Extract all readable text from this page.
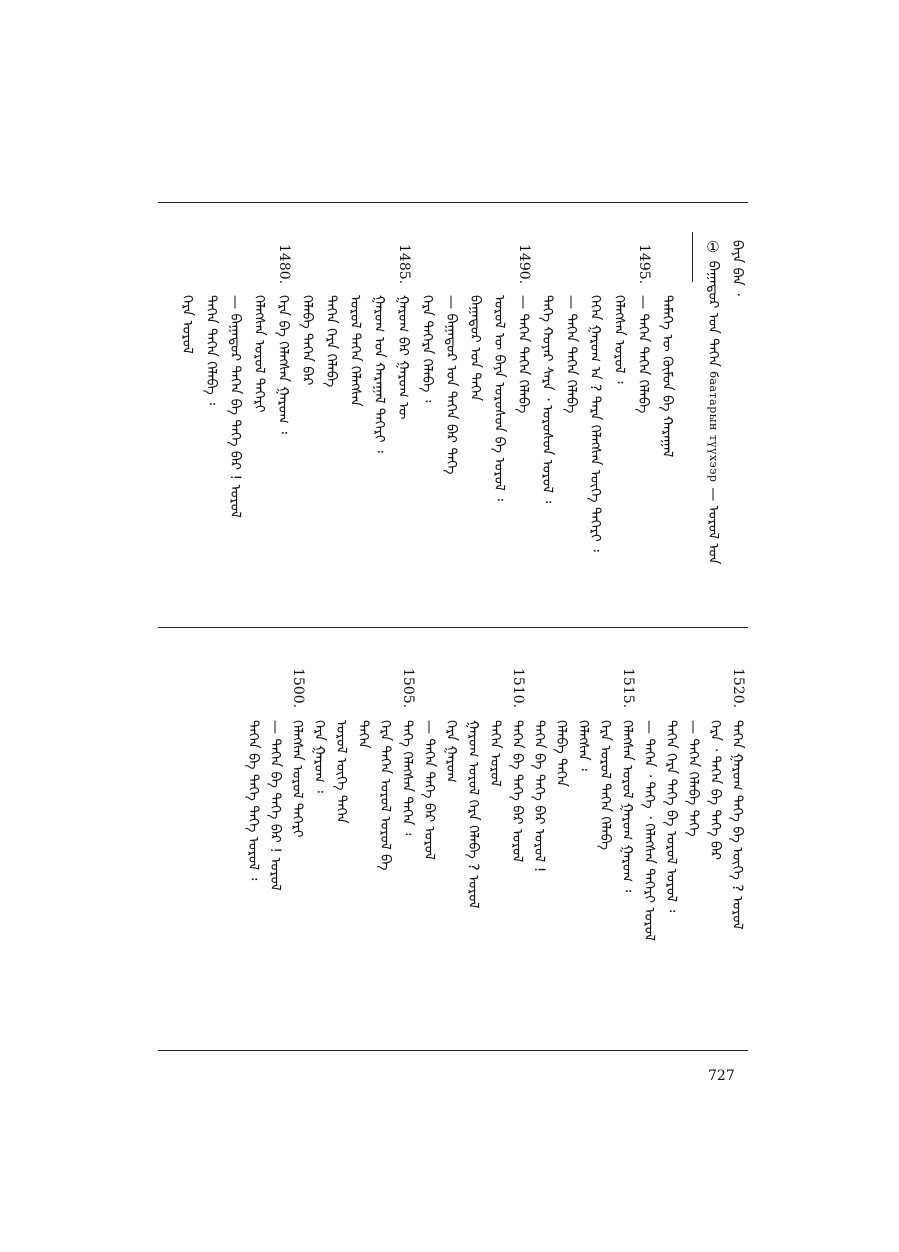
ᠪᠡᠶᠡ ᠪᠡᠨ ᠂
① ᠪᠠᠭᠠᠲᠤᠷ ᠤᠨ ᠲᠡᠭᠡᠨ баатарын түүхээр — ᠤᠷᠤᠯ ᠤᠨ
ᠲᠡᠮᠡᠭᠡ ᠦ ᠬᠦᠮᠦᠨ ᠪᠡ ᠬᠠᠷᠠᠭᠠᠯ
— ᠲᠡᠭᠡᠨ ᠲᠡᠭᠡᠨ ᠬᠡᠯᠡᠪᠡ
ᠬᠡᠯᠡᠭᠰᠡᠨ ᠤᠷᠤᠯ ᠄
ᠭᠡᠭᠡᠨ ᠭᠠᠷᠤᠭ ᠎ᠠ ? ᠲᠡᠷᠡ ᠬᠡᠯᠡᠭᠰᠡᠨ ᠦᠭᠡ ᠲᠡᠭᠡᠷᠢ ᠄
— ᠲᠡᠭᠡᠨ ᠲᠡᠭᠡᠨ ᠬᠡᠯᠡᠪᠡ
ᠳᠡᠭᠡ ᠬᠤᠶᠠᠷ ᠰᠠᠷᠠ ᠂ ᠤᠷᠤᠰᠤᠨ ᠤᠷᠤᠯ ᠄
— ᠲᠡᠭᠡᠨ ᠲᠡᠭᠡᠨ ᠬᠡᠯᠡᠪᠡ
ᠤᠷᠤᠯ ᠦ ᠪᠡᠶᠡ ᠤᠷᠤᠰᠤᠨ ᠪᠡ ᠤᠷᠤᠯ ᠄
ᠪᠠᠭᠠᠲᠤᠷ ᠤᠨ ᠲᠡᠭᠡᠨ
— ᠪᠠᠭᠠᠲᠤᠷ ᠤᠨ ᠲᠡᠭᠡᠨ ᠪᠡᠷ ᠲᠡᠭᠡ
ᠬᠡᠷᠡ ᠳᠡᠭᠡᠷᠡ ᠬᠡᠯᠡᠪᠡ ᠄
ᠭᠠᠷᠤᠭ ᠪᠡᠷ ᠭᠠᠷᠤᠭ ᠦ
ᠭᠠᠷᠤᠭ ᠤᠨ ᠬᠠᠷᠠᠭᠠᠯ ᠲᠡᠭᠡᠷᠢ ᠄
ᠤᠷᠤᠯ ᠲᠡᠭᠡᠨ ᠬᠡᠯᠡᠭᠰᠡᠨ
ᠲᠡᠭᠡᠨ ᠬᠡᠷᠡ ᠬᠡᠯᠡᠪᠡ
ᠬᠡᠯᠡᠪᠡ ᠲᠡᠭᠡᠨ ᠪᠡᠷ
ᠬᠡᠷᠡ ᠪᠡ ᠬᠡᠯᠡᠭᠰᠡᠨ ᠭᠠᠷᠤᠭ ᠄
ᠬᠡᠯᠡᠭᠰᠡᠨ ᠤᠷᠤᠯ ᠲᠡᠭᠡᠷᠢ
— ᠪᠠᠭᠠᠲᠤᠷ ᠲᠡᠭᠡᠨ ᠪᠡ ᠲᠡᠭᠡ ᠪᠡᠷ ! ᠤᠷᠤᠯ
ᠲᠡᠭᠡᠨ ᠲᠡᠭᠡᠨ ᠬᠡᠯᠡᠪᠡ ᠄
ᠬᠡᠷᠡ ᠤᠷᠤᠯ
1495.
1490.
1485.
1480.
ᠲᠡᠭᠡᠨ ᠭᠠᠷᠤᠭ ᠲᠡᠭᠡ ᠪᠡ ᠦᠭᠡ ? ᠤᠷᠤᠯ
ᠬᠡᠷᠡ ᠂ ᠲᠡᠭᠡᠨ ᠪᠡ ᠲᠡᠭᠡ ᠪᠡᠷ
— ᠲᠡᠭᠡᠨ ᠬᠡᠯᠡᠪᠡ ᠲᠡᠭᠡ
ᠲᠡᠭᠡᠨ ᠬᠡᠷᠡ ᠲᠡᠭᠡ ᠪᠡ ᠤᠷᠤᠯ ᠤᠷᠤᠯ ᠄
— ᠲᠡᠭᠡᠨ ᠂ ᠲᠡᠭᠡ ᠂ ᠬᠡᠯᠡᠭᠰᠡᠨ ᠲᠡᠭᠡᠷᠢ ᠤᠷᠤᠯ
ᠬᠡᠯᠡᠭᠰᠡᠨ ᠤᠷᠤᠯ ᠭᠠᠷᠤᠭ ᠭᠠᠷᠤᠭ ᠄
ᠬᠡᠷᠡ ᠤᠷᠤᠯ ᠲᠡᠭᠡᠨ ᠬᠡᠯᠡᠪᠡ
ᠬᠡᠯᠡᠭᠰᠡᠨ ᠄
ᠬᠡᠯᠡᠪᠡ ᠲᠡᠭᠡᠨ
ᠲᠡᠭᠡᠨ ᠪᠡ ᠲᠡᠭᠡ ᠪᠡᠷ ᠤᠷᠤᠯ !
ᠲᠡᠭᠡᠨ ᠪᠡ ᠲᠡᠭᠡ ᠪᠡᠷ ᠤᠷᠤᠯ
ᠲᠡᠭᠡᠨ ᠤᠷᠤᠯ
ᠭᠠᠷᠤᠭ ᠤᠷᠤᠯ ᠬᠡᠷᠡ ᠬᠡᠯᠡᠪᠡ ? ᠤᠷᠤᠯ
ᠬᠡᠷᠡ ᠭᠠᠷᠤᠭ
— ᠲᠡᠭᠡᠨ ᠲᠡᠭᠡ ᠪᠡᠷ ᠤᠷᠤᠯ
ᠲᠡᠭᠡ ᠬᠡᠯᠡᠭᠰᠡᠨ ᠲᠡᠭᠡᠨ ᠄
ᠬᠡᠷᠡ ᠲᠡᠭᠡᠨ ᠤᠷᠤᠯ ᠤᠷᠤᠯ ᠪᠡ
ᠲᠡᠭᠡᠨ
ᠤᠷᠤᠯ ᠦᠭᠡ ᠲᠡᠭᠡᠨ
ᠬᠡᠷᠡ ᠭᠠᠷᠤᠭ ᠄
ᠬᠡᠯᠡᠭᠰᠡᠨ ᠤᠷᠤᠯ ᠲᠡᠭᠡᠷᠢ
— ᠲᠡᠭᠡᠨ ᠪᠡ ᠲᠡᠭᠡ ᠪᠡᠷ ! ᠤᠷᠤᠯ
ᠲᠡᠭᠡᠨ ᠪᠡ ᠲᠡᠭᠡ ᠲᠡᠭᠡ ᠤᠷᠤᠯ ᠄
1520.
1515.
1510.
1505.
1500.
727
